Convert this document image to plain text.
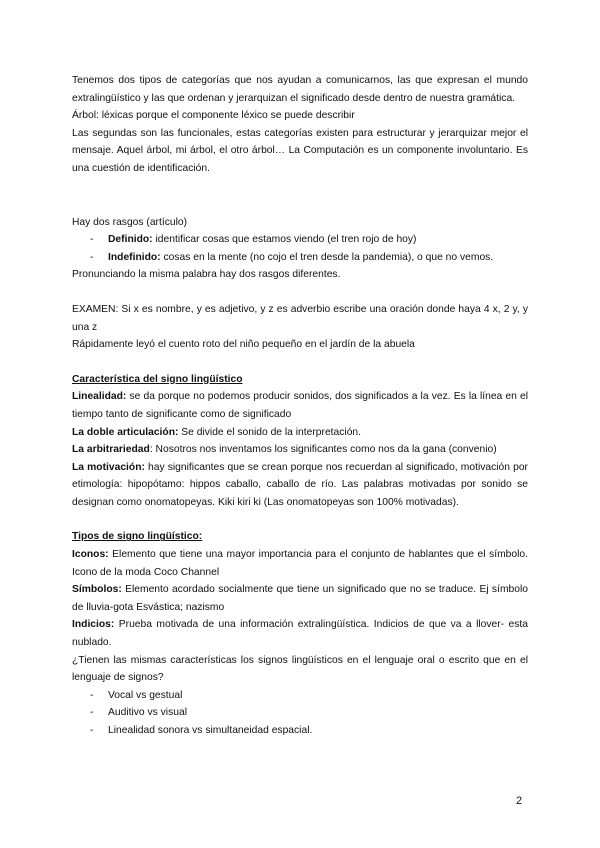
Tenemos dos tipos de categorías que nos ayudan a comunicarnos, las que expresan el mundo extralingüístico y las que ordenan y jerarquizan el significado desde dentro de nuestra gramática.

Árbol: léxicas porque el componente léxico se puede describir

Las segundas son las funcionales, estas categorías existen para estructurar y jerarquizar mejor el mensaje. Aquel árbol, mi árbol, el otro árbol… La Computación es un componente involuntario. Es una cuestión de identificación.

Hay dos rasgos (artículo)

- Definido: identificar cosas que estamos viendo (el tren rojo de hoy)
- Indefinido: cosas en la mente (no cojo el tren desde la pandemia), o que no vemos.

Pronunciando la misma palabra hay dos rasgos diferentes.

EXAMEN: Si x es nombre, y es adjetivo, y z es adverbio escribe una oración donde haya 4 x, 2 y, y una z

Rápidamente leyó el cuento roto del niño pequeño en el jardín de la abuela

Característica del signo lingüístico

Linealidad: se da porque no podemos producir sonidos, dos significados a la vez. Es la línea en el tiempo tanto de significante como de significado

La doble articulación: Se divide el sonido de la interpretación.

La arbitrariedad: Nosotros nos inventamos los significantes como nos da la gana (convenio)

La motivación: hay significantes que se crean porque nos recuerdan al significado, motivación por etimología: hipopótamo: hippos caballo, caballo de río. Las palabras motivadas por sonido se designan como onomatopeyas. Kiki kiri ki (Las onomatopeyas son 100% motivadas).

Tipos de signo lingüístico:

Iconos: Elemento que tiene una mayor importancia para el conjunto de hablantes que el símbolo. Icono de la moda Coco Channel

Símbolos: Elemento acordado socialmente que tiene un significado que no se traduce. Ej símbolo de lluvia-gota Esvástica; nazismo

Indicios: Prueba motivada de una información extralingüística. Indicios de que va a llover- esta nublado.

¿Tienen las mismas características los signos lingüísticos en el lenguaje oral o escrito que en el lenguaje de signos?

- Vocal vs gestual
- Auditivo vs visual
- Linealidad sonora vs simultaneidad espacial.
2
